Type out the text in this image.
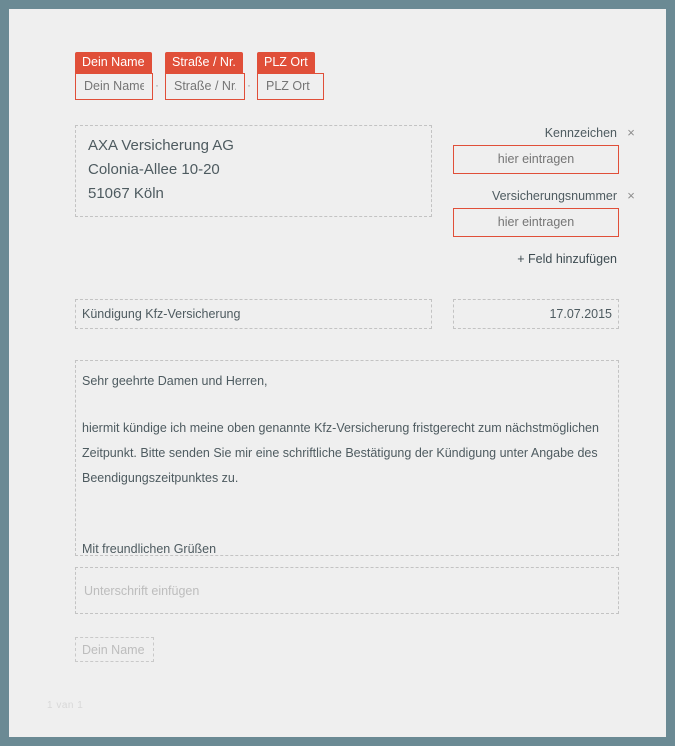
Dein Name
Dein Name
·
Straße / Nr.
Straße / Nr.
·
PLZ Ort
PLZ Ort
AXA Versicherung AG
Colonia-Allee 10-20
51067 Köln
Kennzeichen
hier eintragen ×
Versicherungsnummer
hier eintragen ×
+ Feld hinzufügen
Kündigung Kfz-Versicherung	17.07.2015

Sehr geehrte Damen und Herren,

hiermit kündige ich meine oben genannte Kfz-Versicherung fristgerecht zum nächstmöglichen

Zeitpunkt. Bitte senden Sie mir eine schriftliche Bestätigung der Kündigung unter Angabe des

Beendigungszeitpunktes zu.

Mit freundlichen Grüßen

Unterschrift einfügen
Dein Name
1 van 1
